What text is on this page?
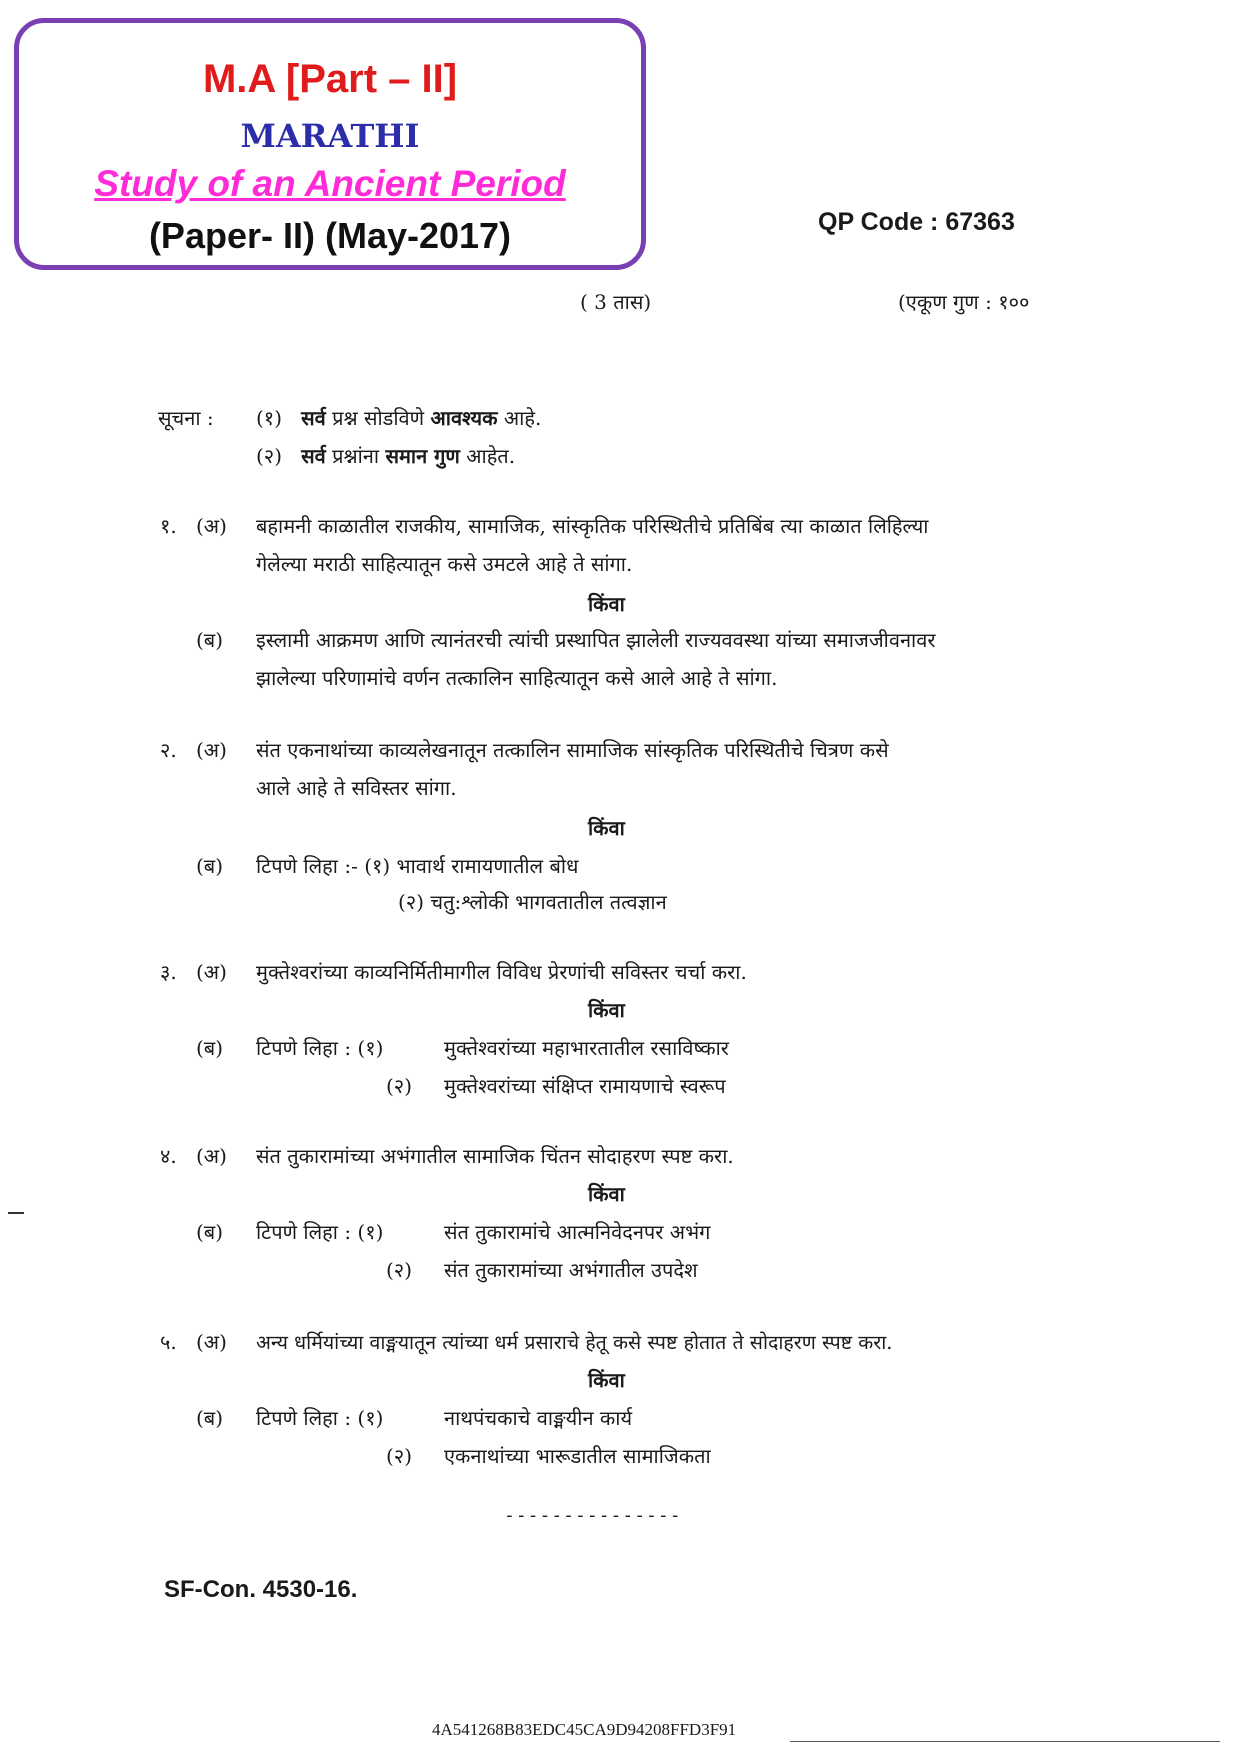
M.A [Part – II]
MARATHI
Study of an Ancient Period
(Paper- II) (May-2017)	QP Code : 67363
( 3 तास)	(एकूण गुण : १००
सूचना : (१) सर्व प्रश्न सोडविणे आवश्यक आहे.
(२) सर्व प्रश्नांना समान गुण आहेत.
१. (अ) बहामनी काळातील राजकीय, सामाजिक, सांस्कृतिक परिस्थितीचे प्रतिबिंब त्या काळात लिहिल्या
गेलेल्या मराठी साहित्यातून कसे उमटले आहे ते सांगा.
किंवा
(ब) इस्लामी आक्रमण आणि त्यानंतरची त्यांची प्रस्थापित झालेली राज्यववस्था यांच्या समाजजीवनावर
झालेल्या परिणामांचे वर्णन तत्कालिन साहित्यातून कसे आले आहे ते सांगा.
२. (अ) संत एकनाथांच्या काव्यलेखनातून तत्कालिन सामाजिक सांस्कृतिक परिस्थितीचे चित्रण कसे
आले आहे ते सविस्तर सांगा.
किंवा
(ब) टिपणे लिहा :- (१) भावार्थ रामायणातील बोध
(२) चतु:श्लोकी भागवतातील तत्वज्ञान
३. (अ) मुक्तेश्वरांच्या काव्यनिर्मितीमागील विविध प्रेरणांची सविस्तर चर्चा करा.
किंवा
(ब) टिपणे लिहा : (१)	मुक्तेश्वरांच्या महाभारतातील रसाविष्कार
(२) मुक्तेश्वरांच्या संक्षिप्त रामायणाचे स्वरूप
४. (अ) संत तुकारामांच्या अभंगातील सामाजिक चिंतन सोदाहरण स्पष्ट करा.
किंवा
(ब) टिपणे लिहा : (१)	संत तुकारामांचे आत्मनिवेदनपर अभंग
(२) संत तुकारामांच्या अभंगातील उपदेश
५. (अ) अन्य धर्मियांच्या वाङ्मयातून त्यांच्या धर्म प्रसाराचे हेतू कसे स्पष्ट होतात ते सोदाहरण स्पष्ट करा.
किंवा
(ब) टिपणे लिहा : (१)	नाथपंचकाचे वाङ्मयीन कार्य
(२) एकनाथांच्या भारूडातील सामाजिकता
---------------
SF-Con. 4530-16.
4A541268B83EDC45CA9D94208FFD3F91
